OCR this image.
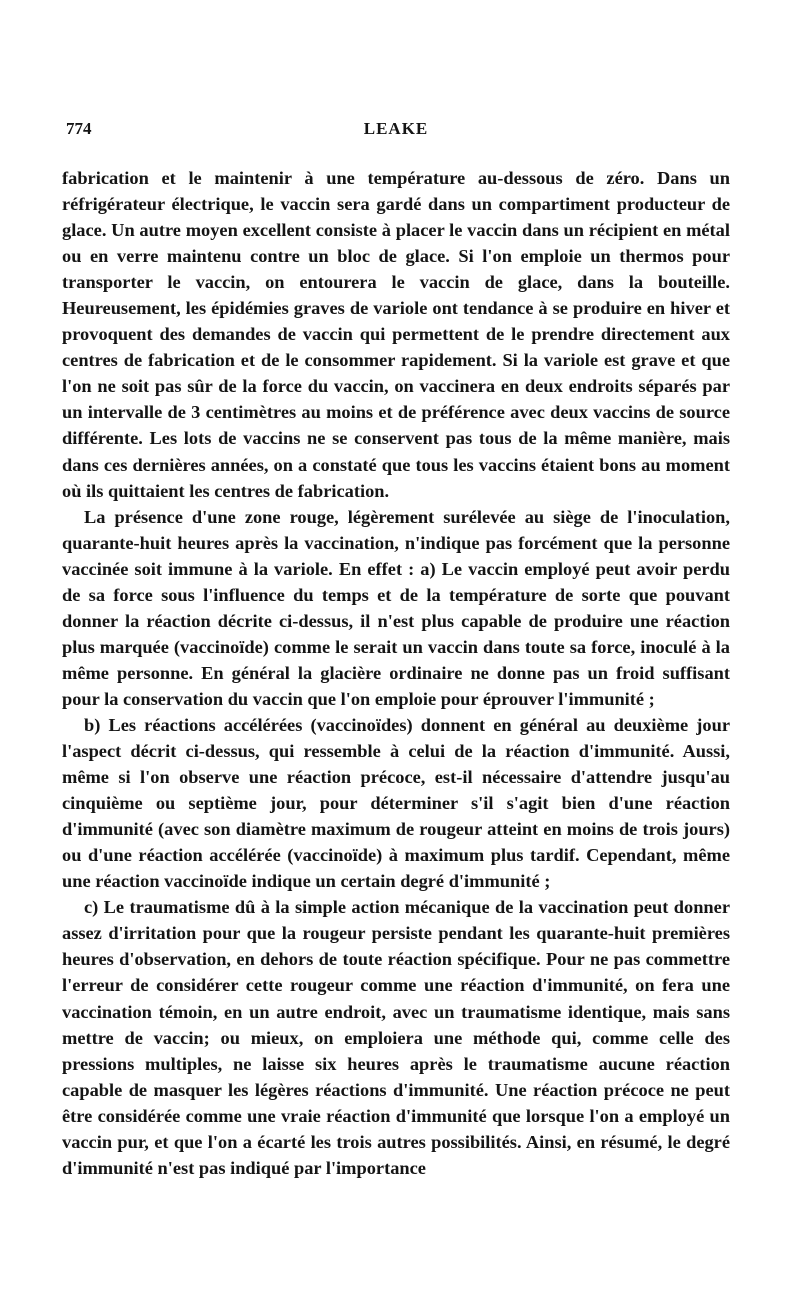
774	LEAKE

fabrication et le maintenir à une température au-dessous de zéro. Dans un réfrigérateur électrique, le vaccin sera gardé dans un compartiment producteur de glace. Un autre moyen excellent consiste à placer le vaccin dans un récipient en métal ou en verre maintenu contre un bloc de glace. Si l'on emploie un thermos pour transporter le vaccin, on entourera le vaccin de glace, dans la bouteille. Heureusement, les épidémies graves de variole ont tendance à se produire en hiver et provoquent des demandes de vaccin qui permettent de le prendre directement aux centres de fabrication et de le consommer rapidement. Si la variole est grave et que l'on ne soit pas sûr de la force du vaccin, on vaccinera en deux endroits séparés par un intervalle de 3 centimètres au moins et de préférence avec deux vaccins de source différente. Les lots de vaccins ne se conservent pas tous de la même manière, mais dans ces dernières années, on a constaté que tous les vaccins étaient bons au moment où ils quittaient les centres de fabrication.

La présence d'une zone rouge, légèrement surélevée au siège de l'inoculation, quarante-huit heures après la vaccination, n'indique pas forcément que la personne vaccinée soit immune à la variole. En effet : a) Le vaccin employé peut avoir perdu de sa force sous l'influence du temps et de la température de sorte que pouvant donner la réaction décrite ci-dessus, il n'est plus capable de produire une réaction plus marquée (vaccinoïde) comme le serait un vaccin dans toute sa force, inoculé à la même personne. En général la glacière ordinaire ne donne pas un froid suffisant pour la conservation du vaccin que l'on emploie pour éprouver l'immunité ;

b) Les réactions accélérées (vaccinoïdes) donnent en général au deuxième jour l'aspect décrit ci-dessus, qui ressemble à celui de la réaction d'immunité. Aussi, même si l'on observe une réaction précoce, est-il nécessaire d'attendre jusqu'au cinquième ou septième jour, pour déterminer s'il s'agit bien d'une réaction d'immunité (avec son diamètre maximum de rougeur atteint en moins de trois jours) ou d'une réaction accélérée (vaccinoïde) à maximum plus tardif. Cependant, même une réaction vaccinoïde indique un certain degré d'immunité ;

c) Le traumatisme dû à la simple action mécanique de la vaccination peut donner assez d'irritation pour que la rougeur persiste pendant les quarante-huit premières heures d'observation, en dehors de toute réaction spécifique. Pour ne pas commettre l'erreur de considérer cette rougeur comme une réaction d'immunité, on fera une vaccination témoin, en un autre endroit, avec un traumatisme identique, mais sans mettre de vaccin; ou mieux, on emploiera une méthode qui, comme celle des pressions multiples, ne laisse six heures après le traumatisme aucune réaction capable de masquer les légères réactions d'immunité. Une réaction précoce ne peut être considérée comme une vraie réaction d'immunité que lorsque l'on a employé un vaccin pur, et que l'on a écarté les trois autres possibilités. Ainsi, en résumé, le degré d'immunité n'est pas indiqué par l'importance
